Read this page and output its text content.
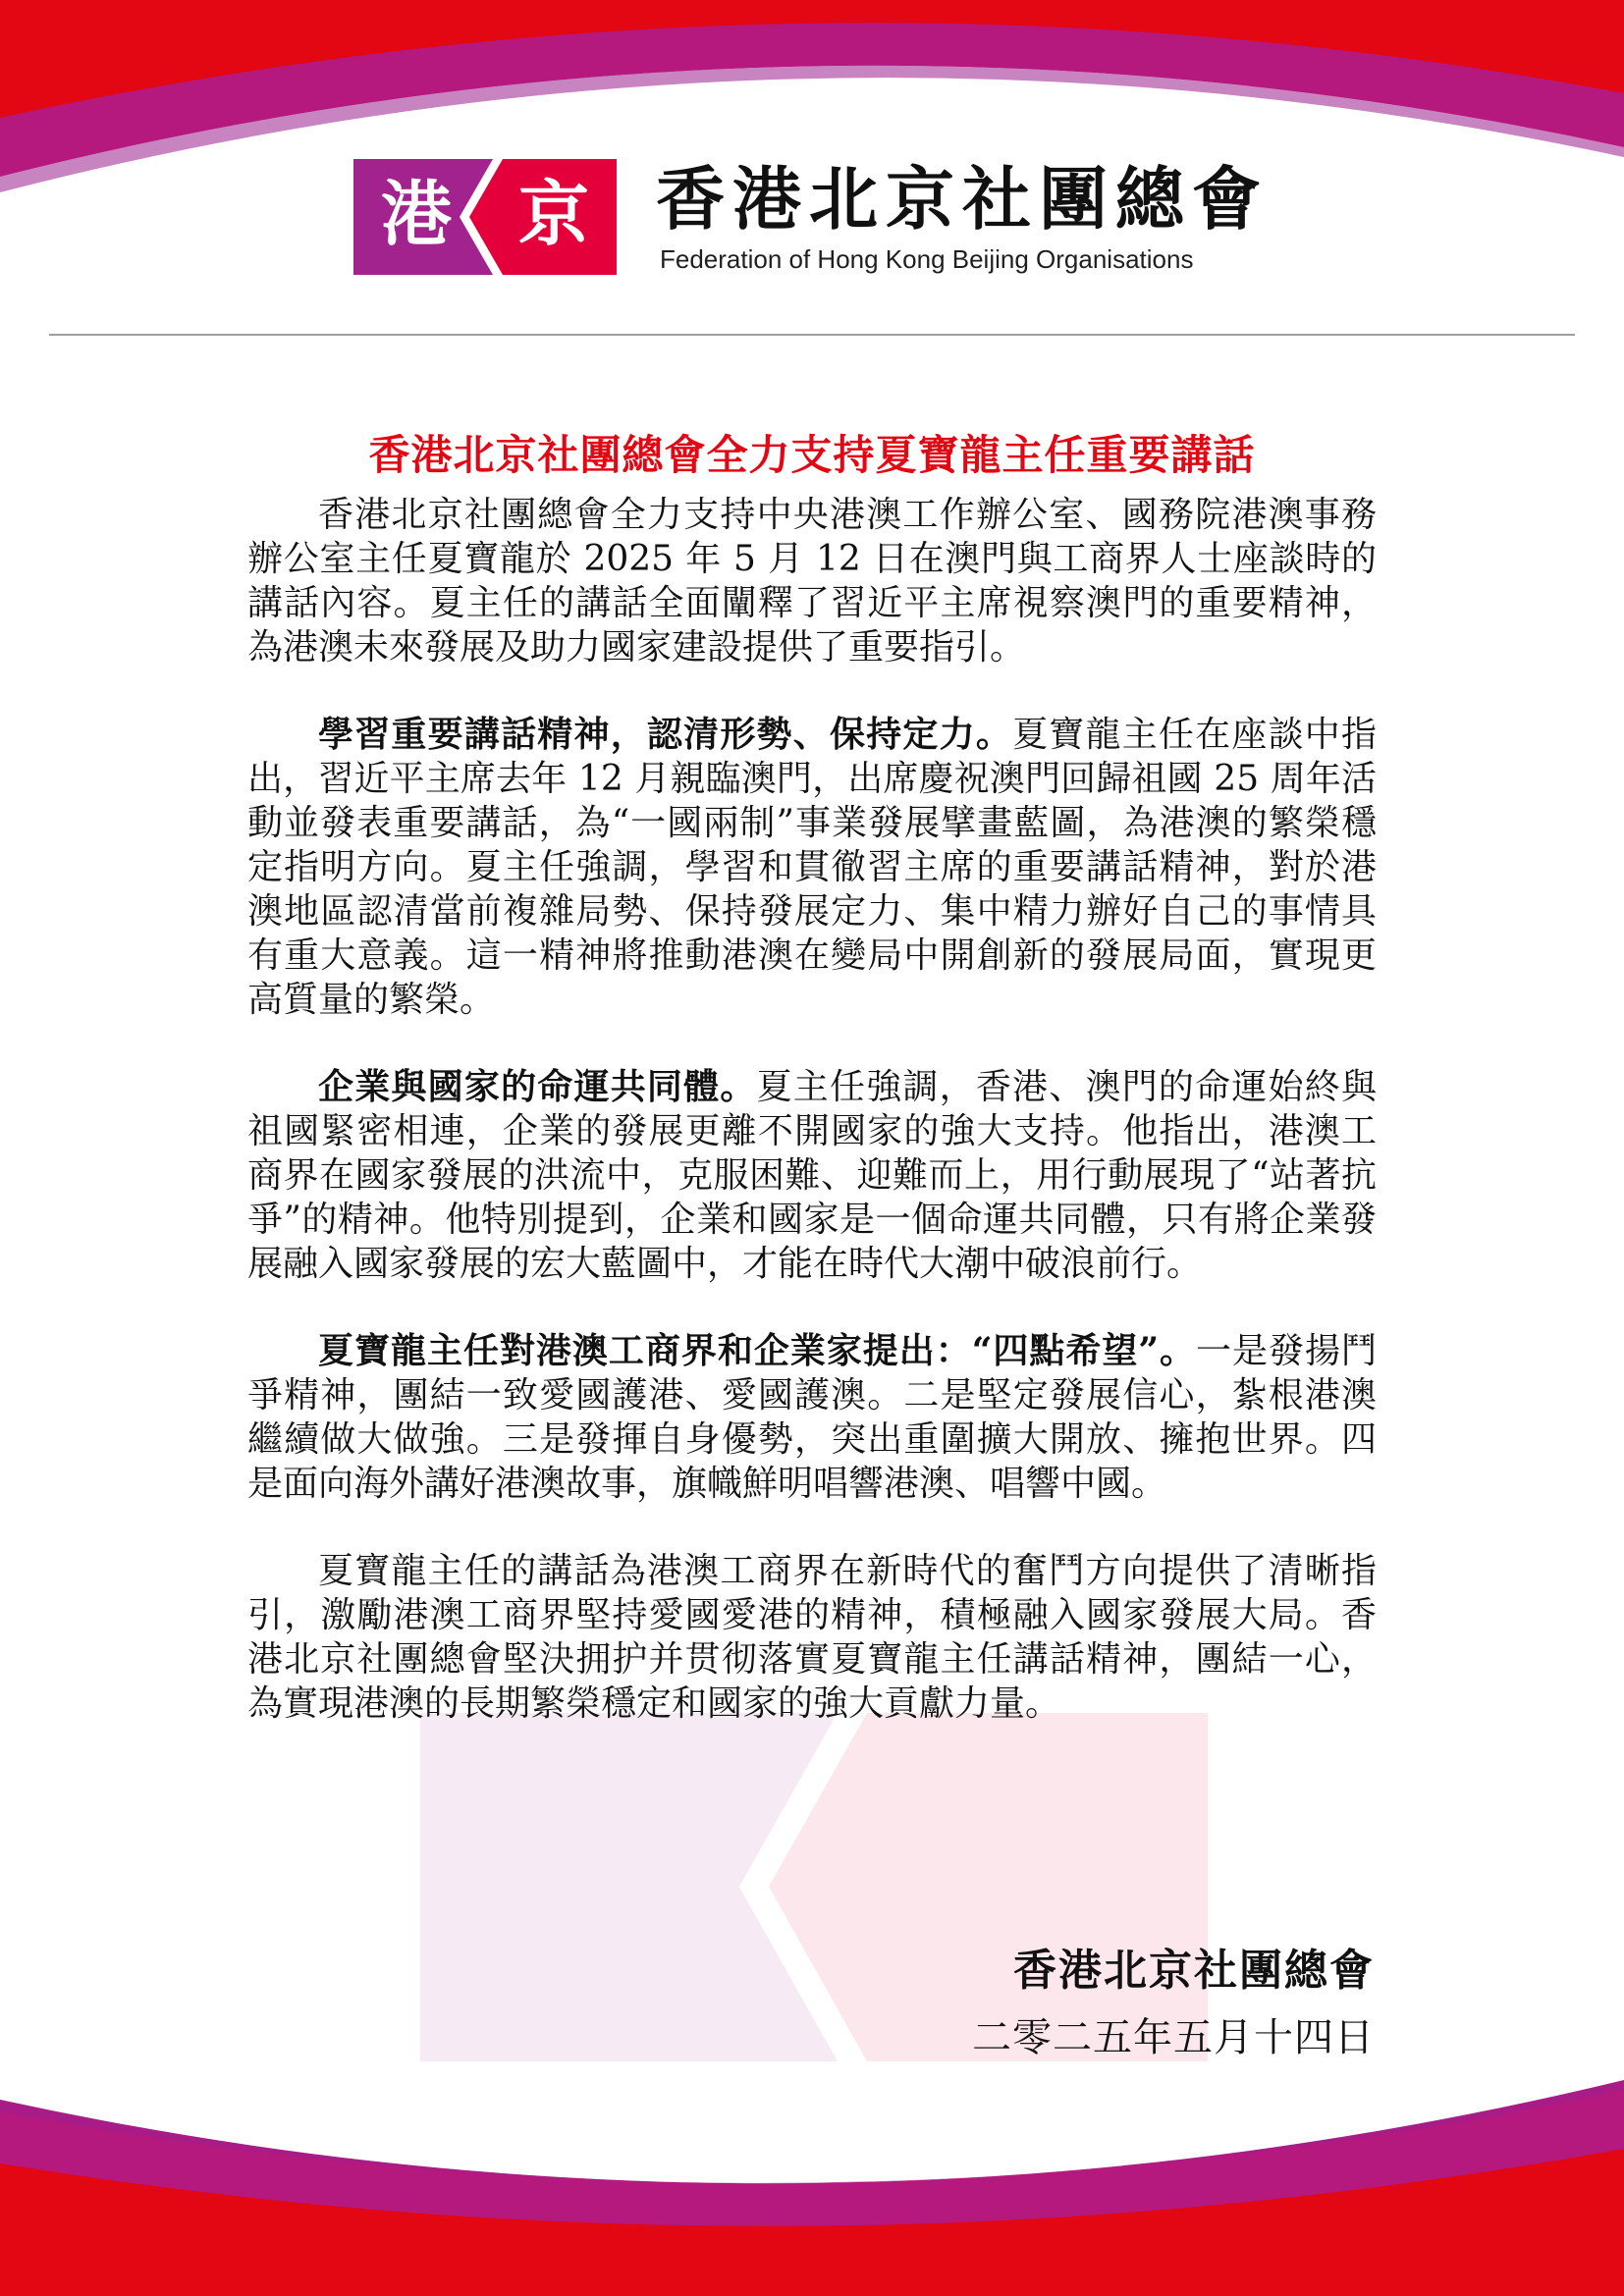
港 京 香港北京社團總會
Federation of Hong Kong Beijing Organisations
香港北京社團總會全力支持夏寶龍主任重要講話

香港北京社團總會全力支持中央港澳工作辦公室、國務院港澳事務辦公室主任夏寶龍於 2025 年 5 月 12 日在澳門與工商界人士座談時的講話內容。夏主任的講話全面闡釋了習近平主席視察澳門的重要精神，為港澳未來發展及助力國家建設提供了重要指引。

學習重要講話精神，認清形勢、保持定力。夏寶龍主任在座談中指出，習近平主席去年 12 月親臨澳門，出席慶祝澳門回歸祖國 25 周年活動並發表重要講話，為“一國兩制”事業發展擘畫藍圖，為港澳的繁榮穩定指明方向。夏主任強調，學習和貫徹習主席的重要講話精神，對於港澳地區認清當前複雜局勢、保持發展定力、集中精力辦好自己的事情具有重大意義。這一精神將推動港澳在變局中開創新的發展局面，實現更高質量的繁榮。

企業與國家的命運共同體。夏主任強調，香港、澳門的命運始終與祖國緊密相連，企業的發展更離不開國家的強大支持。他指出，港澳工商界在國家發展的洪流中，克服困難、迎難而上，用行動展現了“站著抗爭”的精神。他特別提到，企業和國家是一個命運共同體，只有將企業發展融入國家發展的宏大藍圖中，才能在時代大潮中破浪前行。

夏寶龍主任對港澳工商界和企業家提出：“四點希望”。一是發揚鬥爭精神，團結一致愛國護港、愛國護澳。二是堅定發展信心，紮根港澳繼續做大做強。三是發揮自身優勢，突出重圍擴大開放、擁抱世界。四是面向海外講好港澳故事，旗幟鮮明唱響港澳、唱響中國。

夏寶龍主任的講話為港澳工商界在新時代的奮鬥方向提供了清晰指引，激勵港澳工商界堅持愛國愛港的精神，積極融入國家發展大局。香港北京社團總會堅決拥护并贯彻落實夏寶龍主任講話精神，團結一心，為實現港澳的長期繁榮穩定和國家的強大貢獻力量。

香港北京社團總會
二零二五年五月十四日
